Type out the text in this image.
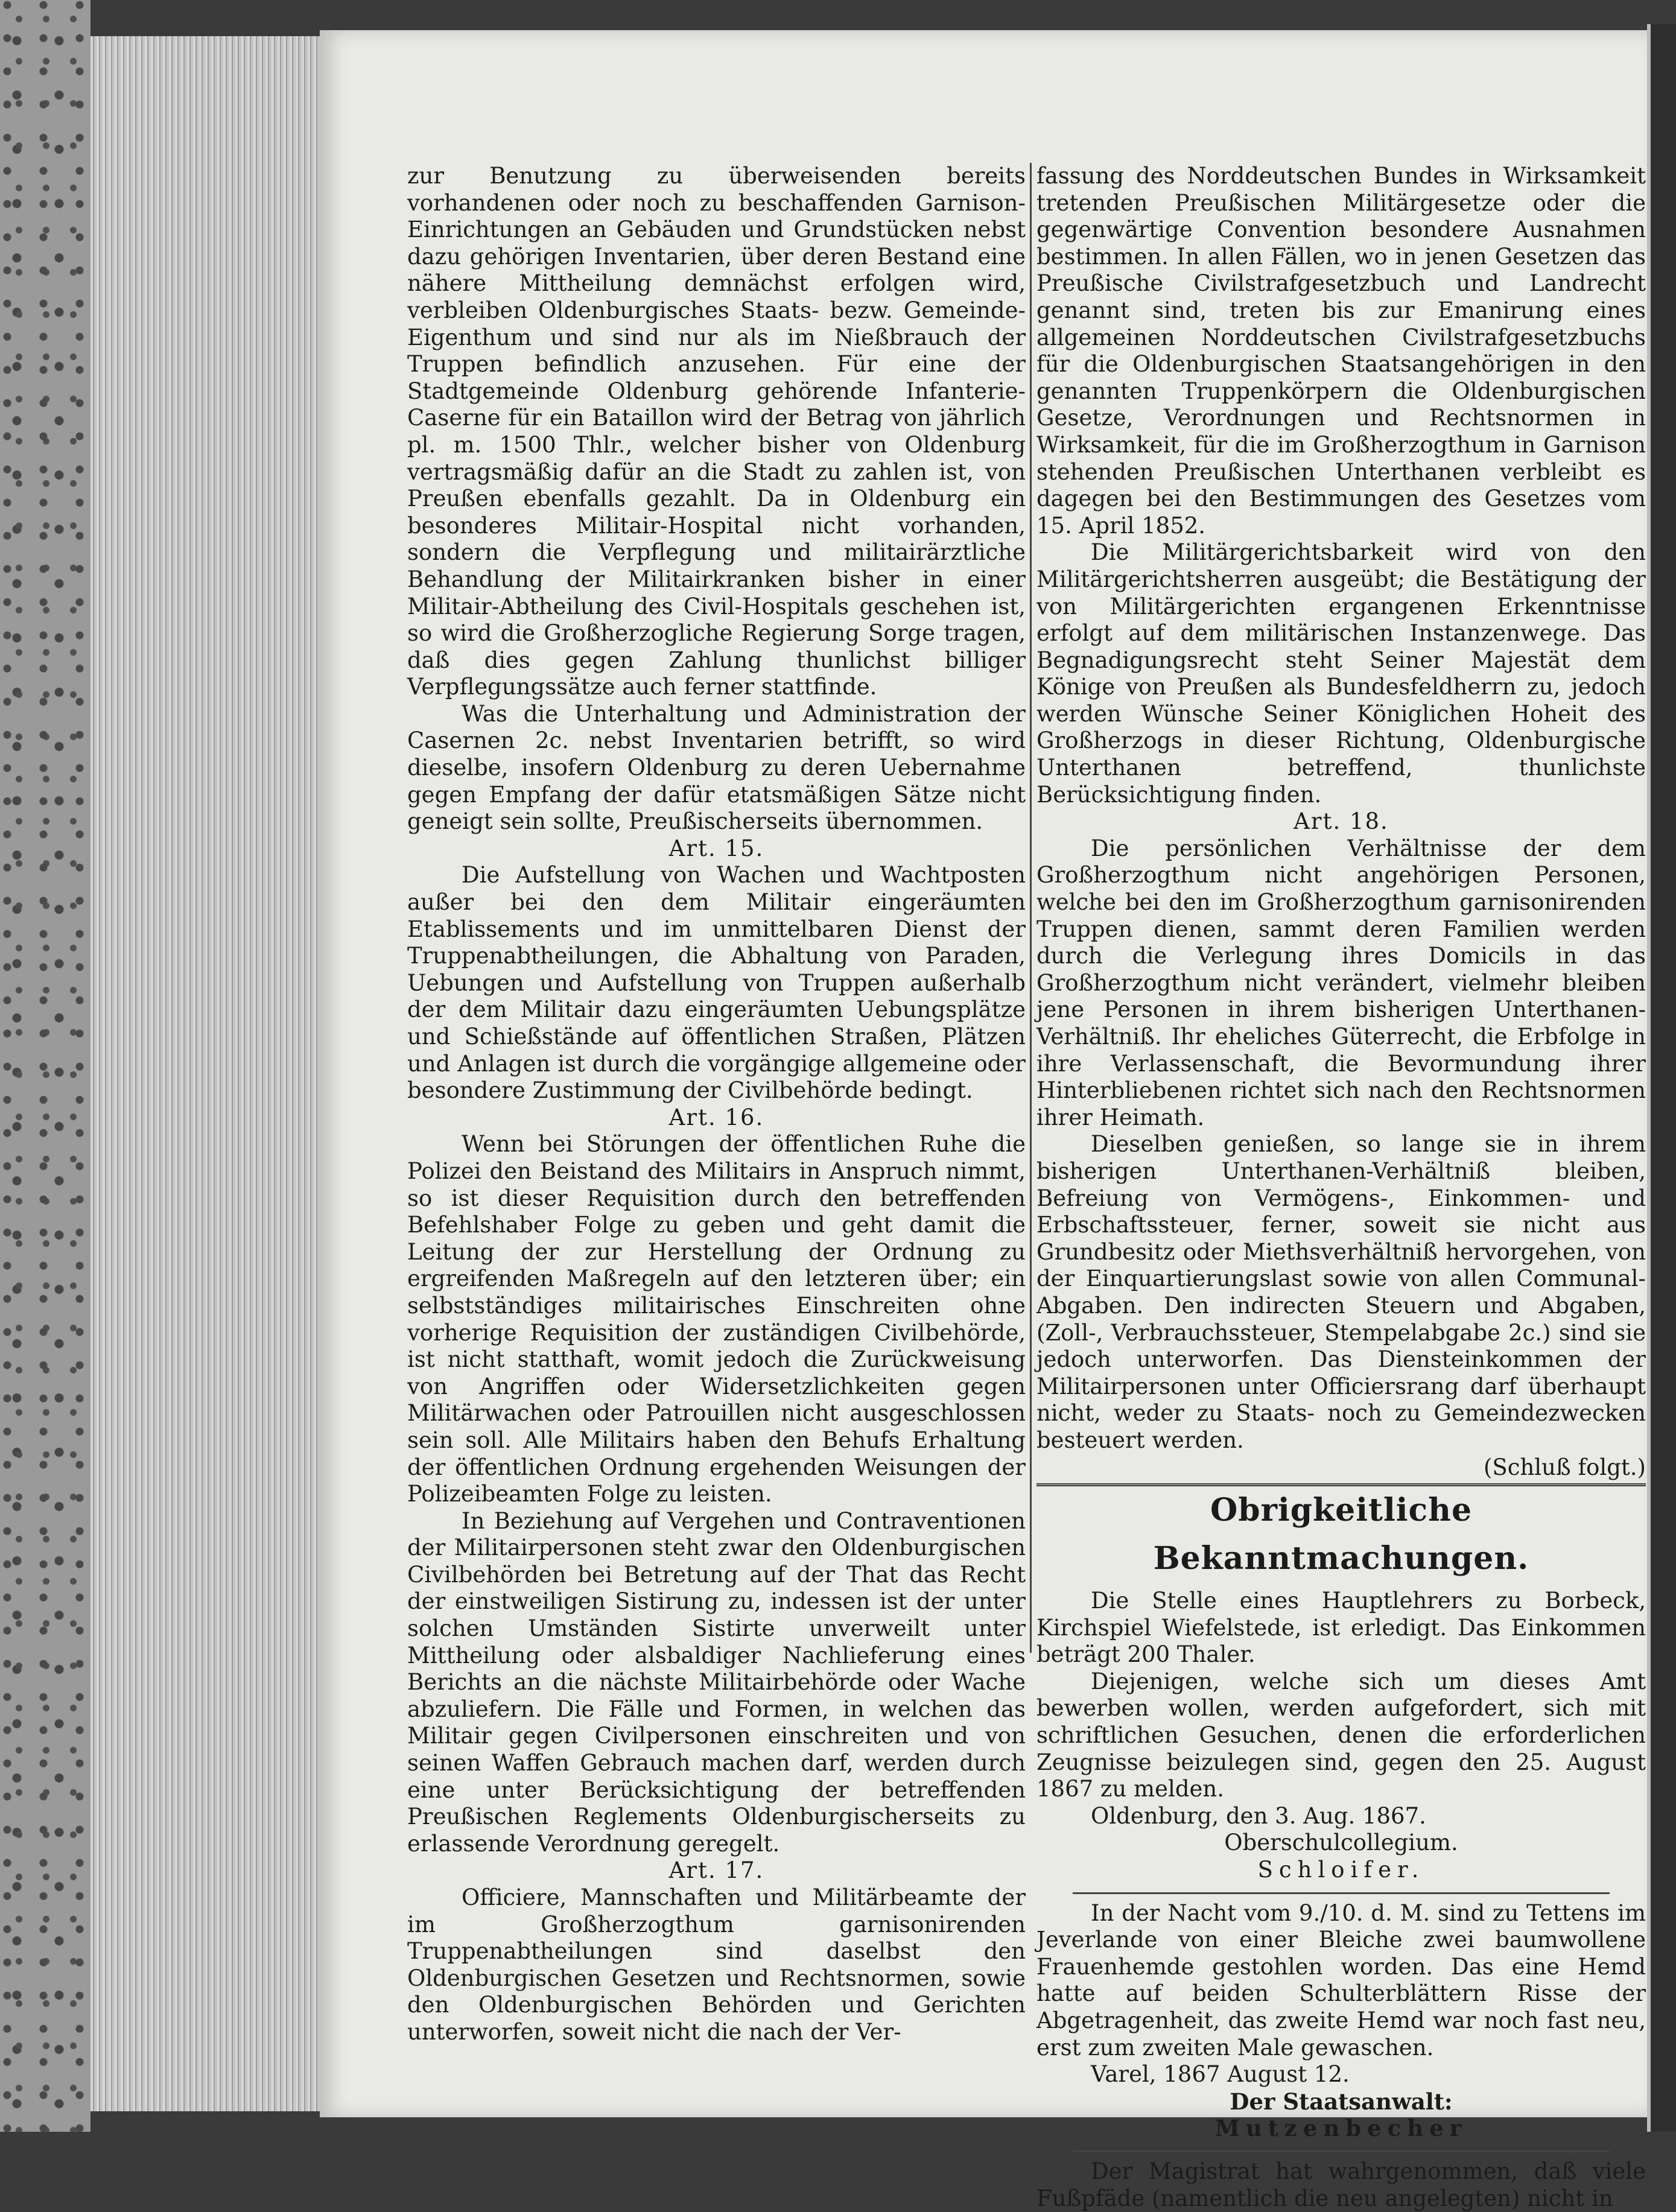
zur Benutzung zu überweisenden bereits vorhandenen oder noch zu beschaffenden Garnison-Einrichtungen an Gebäuden und Grundstücken nebst dazu gehörigen Inventarien, über deren Bestand eine nähere Mittheilung demnächst erfolgen wird, verbleiben Oldenburgisches Staats- bezw. Gemeinde-Eigenthum und sind nur als im Nießbrauch der Truppen befindlich anzusehen. Für eine der Stadtgemeinde Oldenburg gehörende Infanterie-Caserne für ein Bataillon wird der Betrag von jährlich pl. m. 1500 Thlr., welcher bisher von Oldenburg vertragsmäßig dafür an die Stadt zu zahlen ist, von Preußen ebenfalls gezahlt. Da in Oldenburg ein besonderes Militair-Hospital nicht vorhanden, sondern die Verpflegung und militairärztliche Behandlung der Militairkranken bisher in einer Militair-Abtheilung des Civil-Hospitals geschehen ist, so wird die Großherzogliche Regierung Sorge tragen, daß dies gegen Zahlung thunlichst billiger Verpflegungssätze auch ferner stattfinde.

Was die Unterhaltung und Administration der Casernen 2c. nebst Inventarien betrifft, so wird dieselbe, insofern Oldenburg zu deren Uebernahme gegen Empfang der dafür etatsmäßigen Sätze nicht geneigt sein sollte, Preußischerseits übernommen.

Art. 15.

Die Aufstellung von Wachen und Wachtposten außer bei den dem Militair eingeräumten Etablissements und im unmittelbaren Dienst der Truppenabtheilungen, die Abhaltung von Paraden, Uebungen und Aufstellung von Truppen außerhalb der dem Militair dazu eingeräumten Uebungsplätze und Schießstände auf öffentlichen Straßen, Plätzen und Anlagen ist durch die vorgängige allgemeine oder besondere Zustimmung der Civilbehörde bedingt.

Art. 16.

Wenn bei Störungen der öffentlichen Ruhe die Polizei den Beistand des Militairs in Anspruch nimmt, so ist dieser Requisition durch den betreffenden Befehlshaber Folge zu geben und geht damit die Leitung der zur Herstellung der Ordnung zu ergreifenden Maßregeln auf den letzteren über; ein selbstständiges militairisches Einschreiten ohne vorherige Requisition der zuständigen Civilbehörde, ist nicht statthaft, womit jedoch die Zurückweisung von Angriffen oder Widersetzlichkeiten gegen Militärwachen oder Patrouillen nicht ausgeschlossen sein soll. Alle Militairs haben den Behufs Erhaltung der öffentlichen Ordnung ergehenden Weisungen der Polizeibeamten Folge zu leisten.

In Beziehung auf Vergehen und Contraventionen der Militairpersonen steht zwar den Oldenburgischen Civilbehörden bei Betretung auf der That das Recht der einstweiligen Sistirung zu, indessen ist der unter solchen Umständen Sistirte unverweilt unter Mittheilung oder alsbaldiger Nachlieferung eines Berichts an die nächste Militairbehörde oder Wache abzuliefern. Die Fälle und Formen, in welchen das Militair gegen Civilpersonen einschreiten und von seinen Waffen Gebrauch machen darf, werden durch eine unter Berücksichtigung der betreffenden Preußischen Reglements Oldenburgischerseits zu erlassende Verordnung geregelt.

Art. 17.

Officiere, Mannschaften und Militärbeamte der im Großherzogthum garnisonirenden Truppenabtheilungen sind daselbst den Oldenburgischen Gesetzen und Rechtsnormen, sowie den Oldenburgischen Behörden und Gerichten unterworfen, soweit nicht die nach der Ver-

fassung des Norddeutschen Bundes in Wirksamkeit tretenden Preußischen Militärgesetze oder die gegenwärtige Convention besondere Ausnahmen bestimmen. In allen Fällen, wo in jenen Gesetzen das Preußische Civilstrafgesetzbuch und Landrecht genannt sind, treten bis zur Emanirung eines allgemeinen Norddeutschen Civilstrafgesetzbuchs für die Oldenburgischen Staatsangehörigen in den genannten Truppenkörpern die Oldenburgischen Gesetze, Verordnungen und Rechtsnormen in Wirksamkeit, für die im Großherzogthum in Garnison stehenden Preußischen Unterthanen verbleibt es dagegen bei den Bestimmungen des Gesetzes vom 15. April 1852.

Die Militärgerichtsbarkeit wird von den Militärgerichtsherren ausgeübt; die Bestätigung der von Militärgerichten ergangenen Erkenntnisse erfolgt auf dem militärischen Instanzenwege. Das Begnadigungsrecht steht Seiner Majestät dem Könige von Preußen als Bundesfeldherrn zu, jedoch werden Wünsche Seiner Königlichen Hoheit des Großherzogs in dieser Richtung, Oldenburgische Unterthanen betreffend, thunlichste Berücksichtigung finden.

Art. 18.

Die persönlichen Verhältnisse der dem Großherzogthum nicht angehörigen Personen, welche bei den im Großherzogthum garnisonirenden Truppen dienen, sammt deren Familien werden durch die Verlegung ihres Domicils in das Großherzogthum nicht verändert, vielmehr bleiben jene Personen in ihrem bisherigen Unterthanen-Verhältniß. Ihr eheliches Güterrecht, die Erbfolge in ihre Verlassenschaft, die Bevormundung ihrer Hinterbliebenen richtet sich nach den Rechtsnormen ihrer Heimath.

Dieselben genießen, so lange sie in ihrem bisherigen Unterthanen-Verhältniß bleiben, Befreiung von Vermögens-, Einkommen- und Erbschaftssteuer, ferner, soweit sie nicht aus Grundbesitz oder Miethsverhältniß hervorgehen, von der Einquartierungslast sowie von allen Communal-Abgaben. Den indirecten Steuern und Abgaben, (Zoll-, Verbrauchssteuer, Stempelabgabe 2c.) sind sie jedoch unterworfen. Das Diensteinkommen der Militairpersonen unter Officiersrang darf überhaupt nicht, weder zu Staats- noch zu Gemeindezwecken besteuert werden.

(Schluß folgt.)

Obrigkeitliche Bekanntmachungen.

Die Stelle eines Hauptlehrers zu Borbeck, Kirchspiel Wiefelstede, ist erledigt. Das Einkommen beträgt 200 Thaler.

Diejenigen, welche sich um dieses Amt bewerben wollen, werden aufgefordert, sich mit schriftlichen Gesuchen, denen die erforderlichen Zeugnisse beizulegen sind, gegen den 25. August 1867 zu melden.

Oldenburg, den 3. Aug. 1867.

Oberschulcollegium.

Schloifer.

In der Nacht vom 9./10. d. M. sind zu Tettens im Jeverlande von einer Bleiche zwei baumwollene Frauenhemde gestohlen worden. Das eine Hemd hatte auf beiden Schulterblättern Risse der Abgetragenheit, das zweite Hemd war noch fast neu, erst zum zweiten Male gewaschen.

Varel, 1867 August 12.

Der Staatsanwalt:

Mutzenbecher

Der Magistrat hat wahrgenommen, daß viele Fußpfäde (namentlich die neu angelegten) nicht in
